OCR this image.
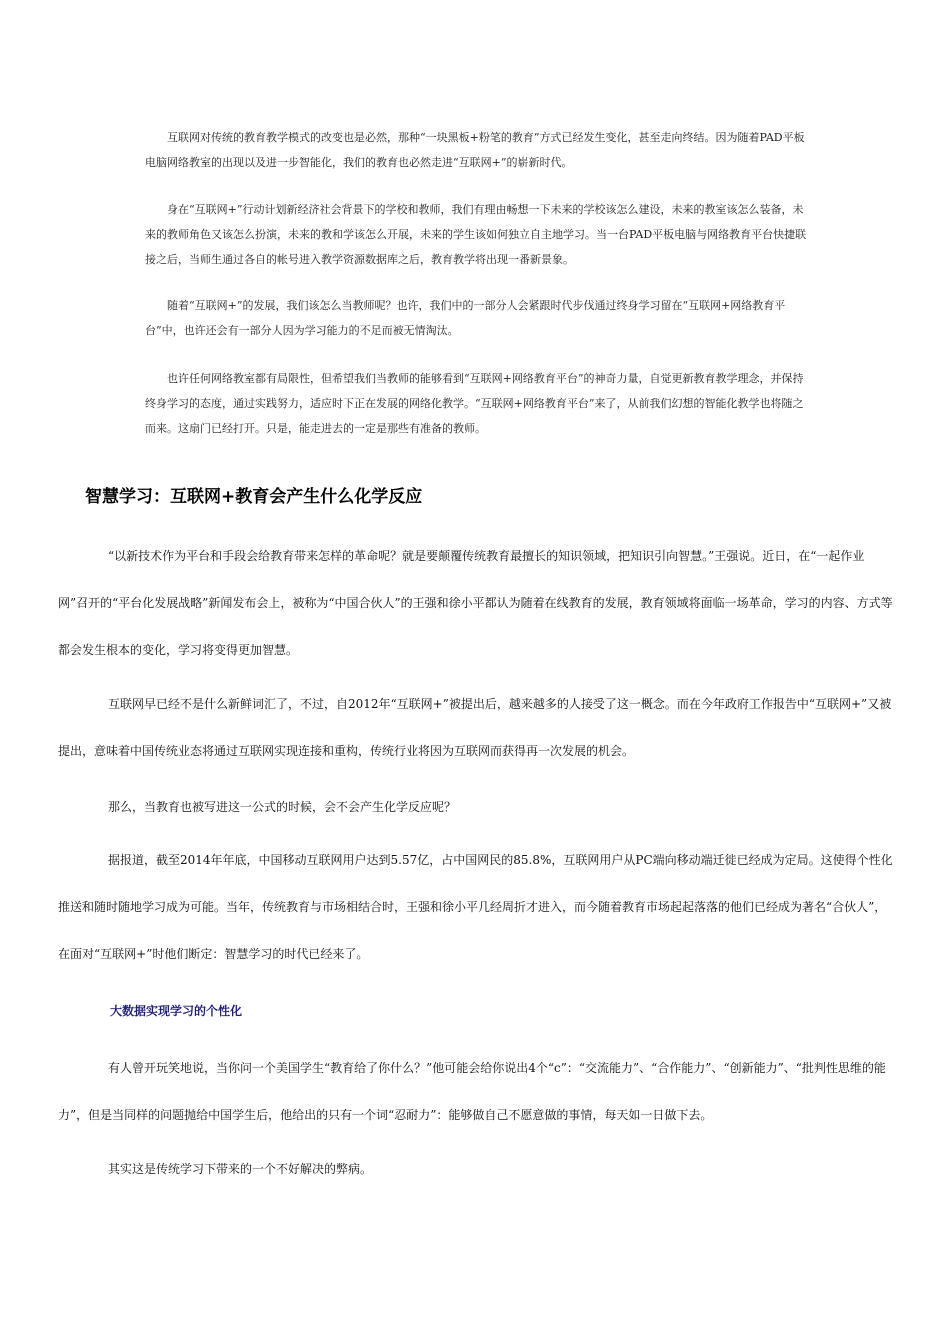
互联网对传统的教育教学模式的改变也是必然，那种“一块黑板+粉笔的教育”方式已经发生变化，甚至走向终结。因为随着PAD平板电脑网络教室的出现以及进一步智能化，我们的教育也必然走进“互联网+”的崭新时代。

身在“互联网+”行动计划新经济社会背景下的学校和教师，我们有理由畅想一下未来的学校该怎么建设，未来的教室该怎么装备，未来的教师角色又该怎么扮演，未来的教和学该怎么开展，未来的学生该如何独立自主地学习。当一台PAD平板电脑与网络教育平台快捷联接之后，当师生通过各自的帐号进入教学资源数据库之后，教育教学将出现一番新景象。

随着“互联网+”的发展，我们该怎么当教师呢？也许，我们中的一部分人会紧跟时代步伐通过终身学习留在“互联网+网络教育平台”中，也许还会有一部分人因为学习能力的不足而被无情淘汰。

也许任何网络教室都有局限性，但希望我们当教师的能够看到“互联网+网络教育平台”的神奇力量，自觉更新教育教学理念，并保持终身学习的态度，通过实践努力，适应时下正在发展的网络化教学。“互联网+网络教育平台”来了，从前我们幻想的智能化教学也将随之而来。这扇门已经打开。只是，能走进去的一定是那些有准备的教师。

智慧学习：互联网+教育会产生什么化学反应

“以新技术作为平台和手段会给教育带来怎样的革命呢？就是要颠覆传统教育最擅长的知识领域，把知识引向智慧。”王强说。近日，在“一起作业网”召开的“平台化发展战略”新闻发布会上，被称为“中国合伙人”的王强和徐小平都认为随着在线教育的发展，教育领域将面临一场革命，学习的内容、方式等都会发生根本的变化，学习将变得更加智慧。

互联网早已经不是什么新鲜词汇了，不过，自2012年“互联网+”被提出后，越来越多的人接受了这一概念。而在今年政府工作报告中“互联网+”又被提出，意味着中国传统业态将通过互联网实现连接和重构，传统行业将因为互联网而获得再一次发展的机会。

那么，当教育也被写进这一公式的时候，会不会产生化学反应呢？

据报道，截至2014年年底，中国移动互联网用户达到5.57亿，占中国网民的85.8%，互联网用户从PC端向移动端迁徙已经成为定局。这使得个性化推送和随时随地学习成为可能。当年，传统教育与市场相结合时，王强和徐小平几经周折才进入，而今随着教育市场起起落落的他们已经成为著名“合伙人”，在面对“互联网+”时他们断定：智慧学习的时代已经来了。

大数据实现学习的个性化

有人曾开玩笑地说，当你问一个美国学生“教育给了你什么？”他可能会给你说出4个“c”：“交流能力”、“合作能力”、“创新能力”、“批判性思维的能力”，但是当同样的问题抛给中国学生后，他给出的只有一个词“忍耐力”：能够做自己不愿意做的事情，每天如一日做下去。

其实这是传统学习下带来的一个不好解决的弊病。
